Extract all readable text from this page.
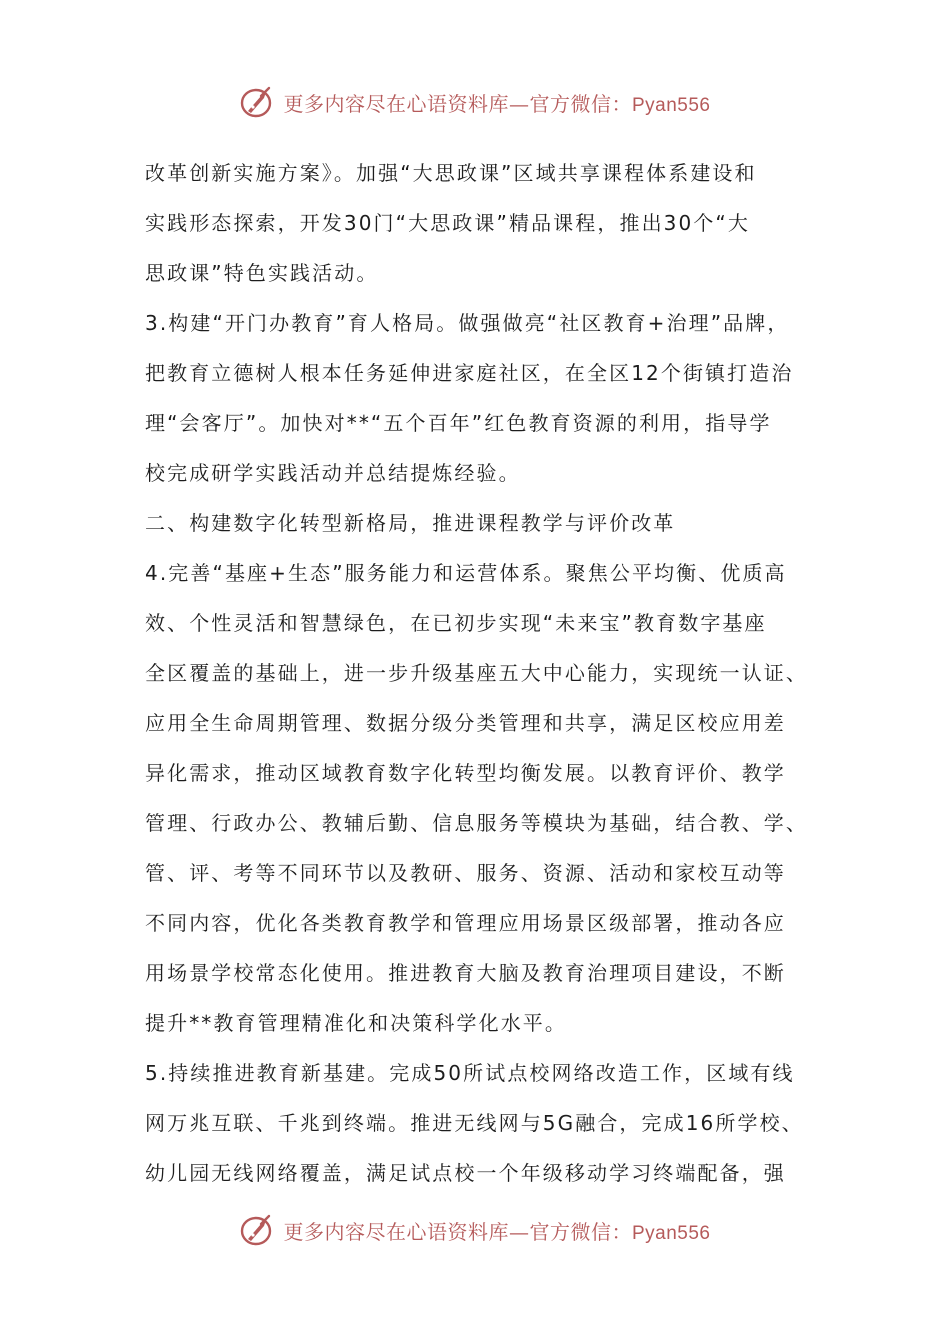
更多内容尽在心语资料库—官方微信：Pyan556
改革创新实施方案》。加强“大思政课”区域共享课程体系建设和
实践形态探索，开发30门“大思政课”精品课程，推出30个“大
思政课”特色实践活动。
3.构建“开门办教育”育人格局。做强做亮“社区教育+治理”品牌，
把教育立德树人根本任务延伸进家庭社区，在全区12个街镇打造治
理“会客厅”。加快对**“五个百年”红色教育资源的利用，指导学
校完成研学实践活动并总结提炼经验。
二、构建数字化转型新格局，推进课程教学与评价改革
4.完善“基座+生态”服务能力和运营体系。聚焦公平均衡、优质高
效、个性灵活和智慧绿色，在已初步实现“未来宝”教育数字基座
全区覆盖的基础上，进一步升级基座五大中心能力，实现统一认证、
应用全生命周期管理、数据分级分类管理和共享，满足区校应用差
异化需求，推动区域教育数字化转型均衡发展。以教育评价、教学
管理、行政办公、教辅后勤、信息服务等模块为基础，结合教、学、
管、评、考等不同环节以及教研、服务、资源、活动和家校互动等
不同内容，优化各类教育教学和管理应用场景区级部署，推动各应
用场景学校常态化使用。推进教育大脑及教育治理项目建设，不断
提升**教育管理精准化和决策科学化水平。
5.持续推进教育新基建。完成50所试点校网络改造工作，区域有线
网万兆互联、千兆到终端。推进无线网与5G融合，完成16所学校、
幼儿园无线网络覆盖，满足试点校一个年级移动学习终端配备，强
更多内容尽在心语资料库—官方微信：Pyan556
